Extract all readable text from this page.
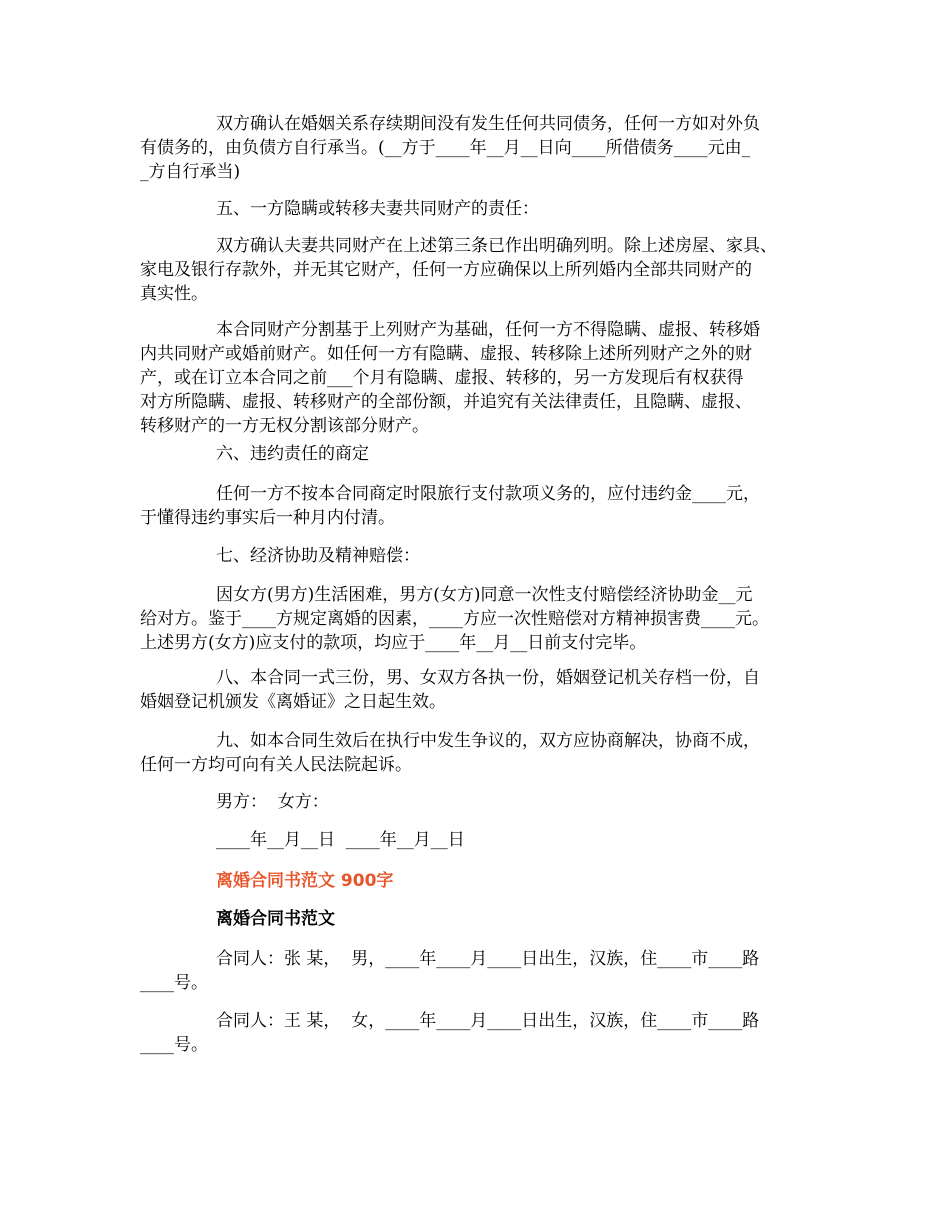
双方确认在婚姻关系存续期间没有发生任何共同债务，任何一方如对外负
有债务的，由负债方自行承当。(__方于____年__月__日向____所借债务____元由_
_方自行承当)
五、一方隐瞒或转移夫妻共同财产的责任：
双方确认夫妻共同财产在上述第三条已作出明确列明。除上述房屋、家具、
家电及银行存款外，并无其它财产，任何一方应确保以上所列婚内全部共同财产的
真实性。
本合同财产分割基于上列财产为基础，任何一方不得隐瞒、虚报、转移婚
内共同财产或婚前财产。如任何一方有隐瞒、虚报、转移除上述所列财产之外的财
产，或在订立本合同之前___个月有隐瞒、虚报、转移的，另一方发现后有权获得
对方所隐瞒、虚报、转移财产的全部份额，并追究有关法律责任，且隐瞒、虚报、
转移财产的一方无权分割该部分财产。
六、违约责任的商定
任何一方不按本合同商定时限旅行支付款项义务的，应付违约金____元，
于懂得违约事实后一种月内付清。
七、经济协助及精神赔偿：
因女方(男方)生活困难，男方(女方)同意一次性支付赔偿经济协助金__元
给对方。鉴于____方规定离婚的因素，____方应一次性赔偿对方精神损害费____元。
上述男方(女方)应支付的款项，均应于____年__月__日前支付完毕。
八、本合同一式三份，男、女双方各执一份，婚姻登记机关存档一份，自
婚姻登记机颁发《离婚证》之日起生效。
九、如本合同生效后在执行中发生争议的，双方应协商解决，协商不成，
任何一方均可向有关人民法院起诉。
男方：  女方：
____年__月__日  ____年__月__日
离婚合同书范文 900字
离婚合同书范文
合同人：张 某，  男，____年____月____日出生，汉族，住____市____路
____号。
合同人：王 某，  女，____年____月____日出生，汉族，住____市____路
____号。
